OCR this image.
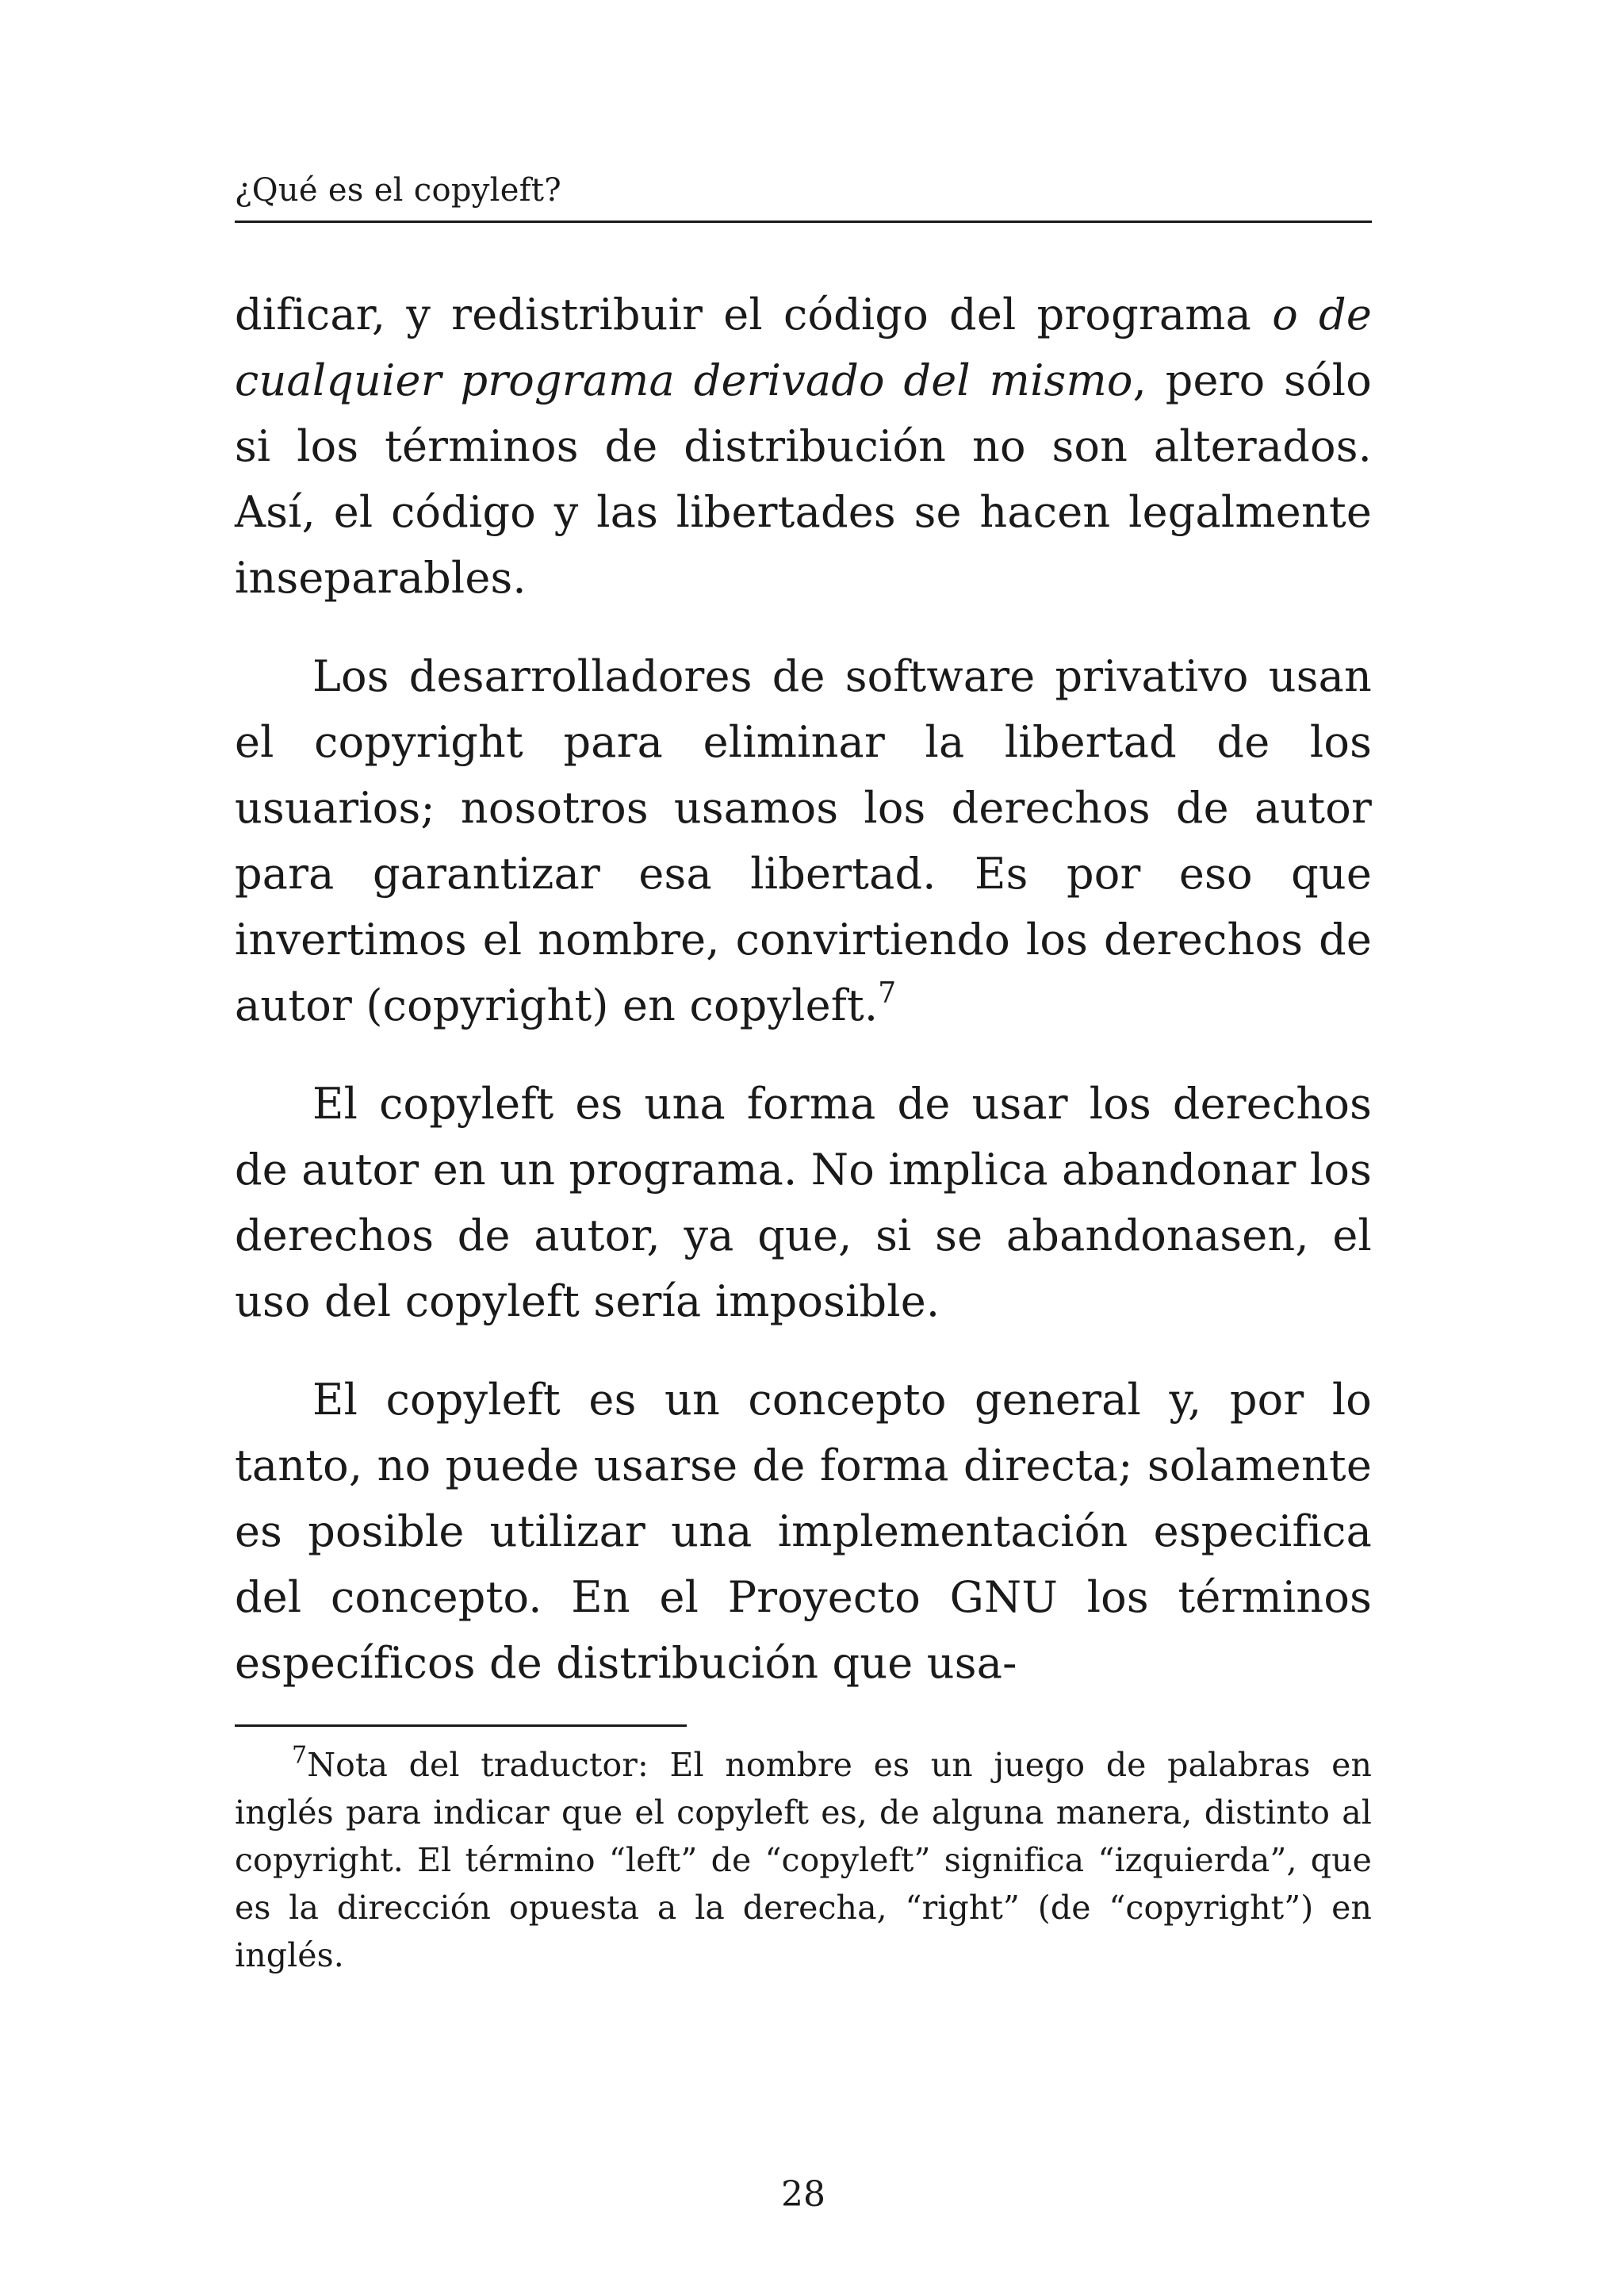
¿Qué es el copyleft?

dificar, y redistribuir el código del programa o de cualquier programa derivado del mismo, pero sólo si los términos de distribución no son alterados. Así, el código y las libertades se hacen legalmente inseparables.

Los desarrolladores de software privativo usan el copyright para eliminar la libertad de los usuarios; nosotros usamos los derechos de autor para garantizar esa libertad. Es por eso que invertimos el nombre, convirtiendo los derechos de autor (copyright) en copyleft.$^7$

El copyleft es una forma de usar los derechos de autor en un programa. No implica abandonar los derechos de autor, ya que, si se abandonasen, el uso del copyleft sería imposible.

El copyleft es un concepto general y, por lo tanto, no puede usarse de forma directa; solamente es posible utilizar una implementación especifica del concepto. En el Proyecto GNU los términos específicos de distribución que usa-

$^7$Nota del traductor: El nombre es un juego de palabras en inglés para indicar que el copyleft es, de alguna manera, distinto al copyright. El término “left” de “copyleft” significa “izquierda”, que es la dirección opuesta a la derecha, “right” (de “copyright”) en inglés.

28
